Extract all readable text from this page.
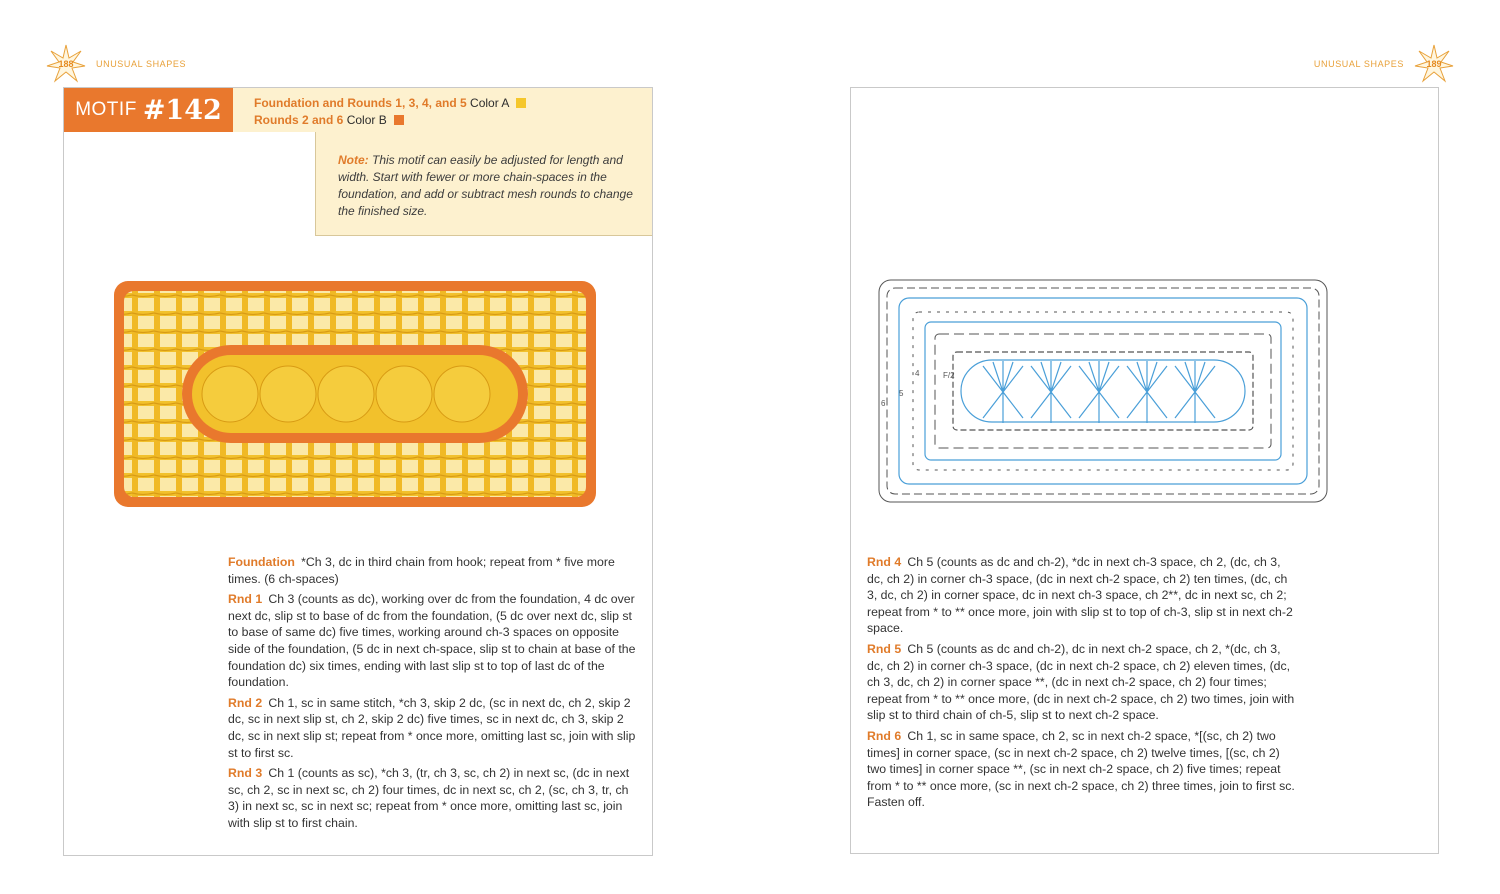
188	UNUSUAL SHAPES	UNUSUAL SHAPES	189
MOTIF #142	Foundation and Rounds 1, 3, 4, and 5 Color A
Rounds 2 and 6 Color B
Note: This motif can easily be adjusted for length and width. Start with fewer or more chain-spaces in the foundation, and add or subtract mesh rounds to change the finished size.

Foundation  *Ch 3, dc in third chain from hook; repeat from * five more times. (6 ch-spaces)

Rnd 1  Ch 3 (counts as dc), working over dc from the foundation, 4 dc over next dc, slip st to base of dc from the foundation, (5 dc over next dc, slip st to base of same dc) five times, working around ch-3 spaces on opposite side of the foundation, (5 dc in next ch-space, slip st to chain at base of the foundation dc) six times, ending with last slip st to top of last dc of the foundation.

Rnd 2  Ch 1, sc in same stitch, *ch 3, skip 2 dc, (sc in next dc, ch 2, skip 2 dc, sc in next slip st, ch 2, skip 2 dc) five times, sc in next dc, ch 3, skip 2 dc, sc in next slip st; repeat from * once more, omitting last sc, join with slip st to first sc.

Rnd 3  Ch 1 (counts as sc), *ch 3, (tr, ch 3, sc, ch 2) in next sc, (dc in next sc, ch 2, sc in next sc, ch 2) four times, dc in next sc, ch 2, (sc, ch 3, tr, ch 3) in next sc, sc in next sc; repeat from * once more, omitting last sc, join with slip st to first chain.

4
5
6
F/2

Rnd 4  Ch 5 (counts as dc and ch-2), *dc in next ch-3 space, ch 2, (dc, ch 3, dc, ch 2) in corner ch-3 space, (dc in next ch-2 space, ch 2) ten times, (dc, ch 3, dc, ch 2) in corner space, dc in next ch-3 space, ch 2**, dc in next sc, ch 2; repeat from * to ** once more, join with slip st to top of ch-3, slip st in next ch-2 space.

Rnd 5  Ch 5 (counts as dc and ch-2), dc in next ch-2 space, ch 2, *(dc, ch 3, dc, ch 2) in corner ch-3 space, (dc in next ch-2 space, ch 2) eleven times, (dc, ch 3, dc, ch 2) in corner space **, (dc in next ch-2 space, ch 2) four times; repeat from * to ** once more, (dc in next ch-2 space, ch 2) two times, join with slip st to third chain of ch-5, slip st to next ch-2 space.

Rnd 6  Ch 1, sc in same space, ch 2, sc in next ch-2 space, *[(sc, ch 2) two times] in corner space, (sc in next ch-2 space, ch 2) twelve times, [(sc, ch 2) two times] in corner space **, (sc in next ch-2 space, ch 2) five times; repeat from * to ** once more, (sc in next ch-2 space, ch 2) three times, join to first sc. Fasten off.
